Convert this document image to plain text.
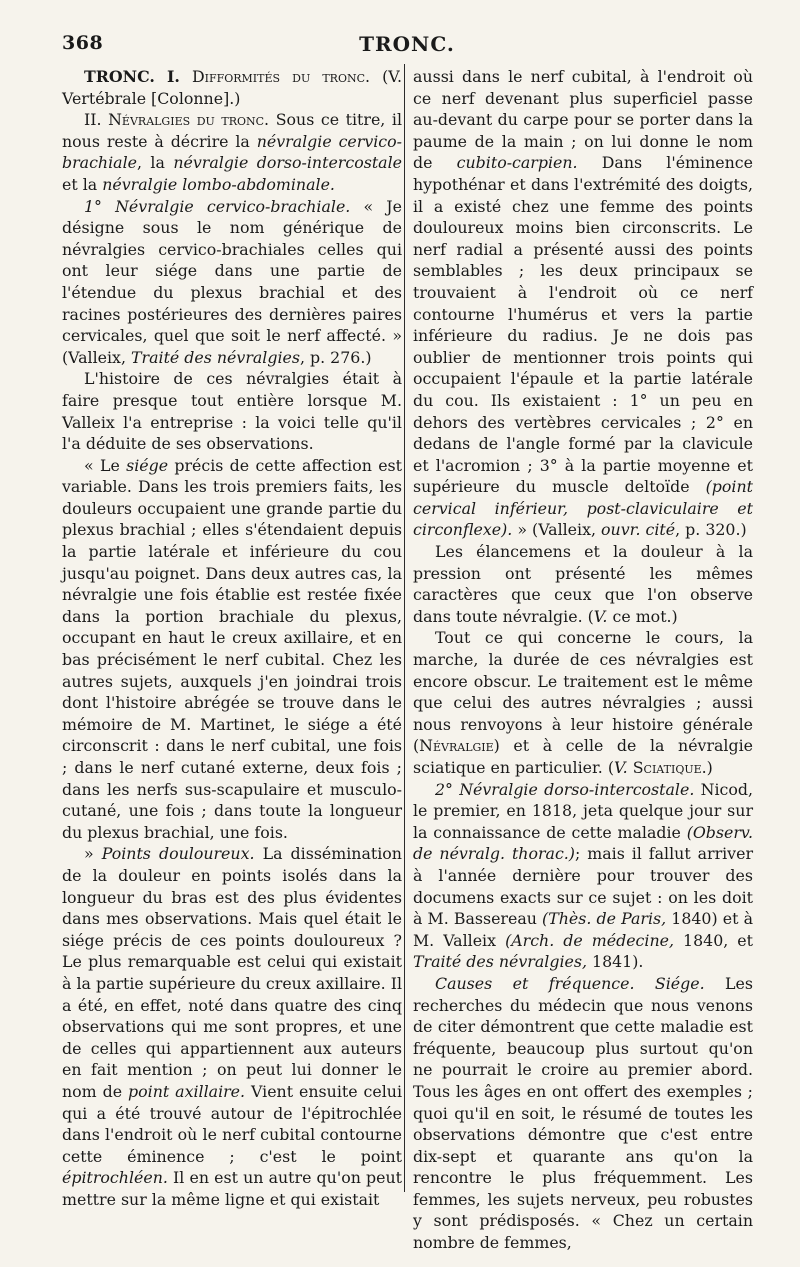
368	TRONC.

TRONC. I. Difformités du tronc. (V. Vertébrale [Colonne].)

II. Névralgies du tronc. Sous ce titre, il nous reste à décrire la névralgie cervico-brachiale, la névralgie dorso-intercostale et la névralgie lombo-abdominale.

1° Névralgie cervico-brachiale. « Je désigne sous le nom générique de névralgies cervico-brachiales celles qui ont leur siége dans une partie de l'étendue du plexus brachial et des racines postérieures des dernières paires cervicales, quel que soit le nerf affecté. » (Valleix, Traité des névralgies, p. 276.)

L'histoire de ces névralgies était à faire presque tout entière lorsque M. Valleix l'a entreprise : la voici telle qu'il l'a déduite de ses observations.

« Le siége précis de cette affection est variable. Dans les trois premiers faits, les douleurs occupaient une grande partie du plexus brachial ; elles s'étendaient depuis la partie latérale et inférieure du cou jusqu'au poignet. Dans deux autres cas, la névralgie une fois établie est restée fixée dans la portion brachiale du plexus, occupant en haut le creux axillaire, et en bas précisément le nerf cubital. Chez les autres sujets, auxquels j'en joindrai trois dont l'histoire abrégée se trouve dans le mémoire de M. Martinet, le siége a été circonscrit : dans le nerf cubital, une fois ; dans le nerf cutané externe, deux fois ; dans les nerfs sus-scapulaire et musculo-cutané, une fois ; dans toute la longueur du plexus brachial, une fois.

» Points douloureux. La dissémination de la douleur en points isolés dans la longueur du bras est des plus évidentes dans mes observations. Mais quel était le siége précis de ces points douloureux ? Le plus remarquable est celui qui existait à la partie supérieure du creux axillaire. Il a été, en effet, noté dans quatre des cinq observations qui me sont propres, et une de celles qui appartiennent aux auteurs en fait mention ; on peut lui donner le nom de point axillaire. Vient ensuite celui qui a été trouvé autour de l'épitrochlée dans l'endroit où le nerf cubital contourne cette éminence ; c'est le point épitrochléen. Il en est un autre qu'on peut mettre sur la même ligne et qui existait

aussi dans le nerf cubital, à l'endroit où ce nerf devenant plus superficiel passe au-devant du carpe pour se porter dans la paume de la main ; on lui donne le nom de cubito-carpien. Dans l'éminence hypothénar et dans l'extrémité des doigts, il a existé chez une femme des points douloureux moins bien circonscrits. Le nerf radial a présenté aussi des points semblables ; les deux principaux se trouvaient à l'endroit où ce nerf contourne l'humérus et vers la partie inférieure du radius. Je ne dois pas oublier de mentionner trois points qui occupaient l'épaule et la partie latérale du cou. Ils existaient : 1° un peu en dehors des vertèbres cervicales ; 2° en dedans de l'angle formé par la clavicule et l'acromion ; 3° à la partie moyenne et supérieure du muscle deltoïde (point cervical inférieur, post-claviculaire et circonflexe). » (Valleix, ouvr. cité, p. 320.)

Les élancemens et la douleur à la pression ont présenté les mêmes caractères que ceux que l'on observe dans toute névralgie. (V. ce mot.)

Tout ce qui concerne le cours, la marche, la durée de ces névralgies est encore obscur. Le traitement est le même que celui des autres névralgies ; aussi nous renvoyons à leur histoire générale (Névralgie) et à celle de la névralgie sciatique en particulier. (V. Sciatique.)

2° Névralgie dorso-intercostale. Nicod, le premier, en 1818, jeta quelque jour sur la connaissance de cette maladie (Observ. de névralg. thorac.); mais il fallut arriver à l'année dernière pour trouver des documens exacts sur ce sujet : on les doit à M. Bassereau (Thès. de Paris, 1840) et à M. Valleix (Arch. de médecine, 1840, et Traité des névralgies, 1841).

Causes et fréquence. Siége. Les recherches du médecin que nous venons de citer démontrent que cette maladie est fréquente, beaucoup plus surtout qu'on ne pourrait le croire au premier abord. Tous les âges en ont offert des exemples ; quoi qu'il en soit, le résumé de toutes les observations démontre que c'est entre dix-sept et quarante ans qu'on la rencontre le plus fréquemment. Les femmes, les sujets nerveux, peu robustes y sont prédisposés. « Chez un certain nombre de femmes,
